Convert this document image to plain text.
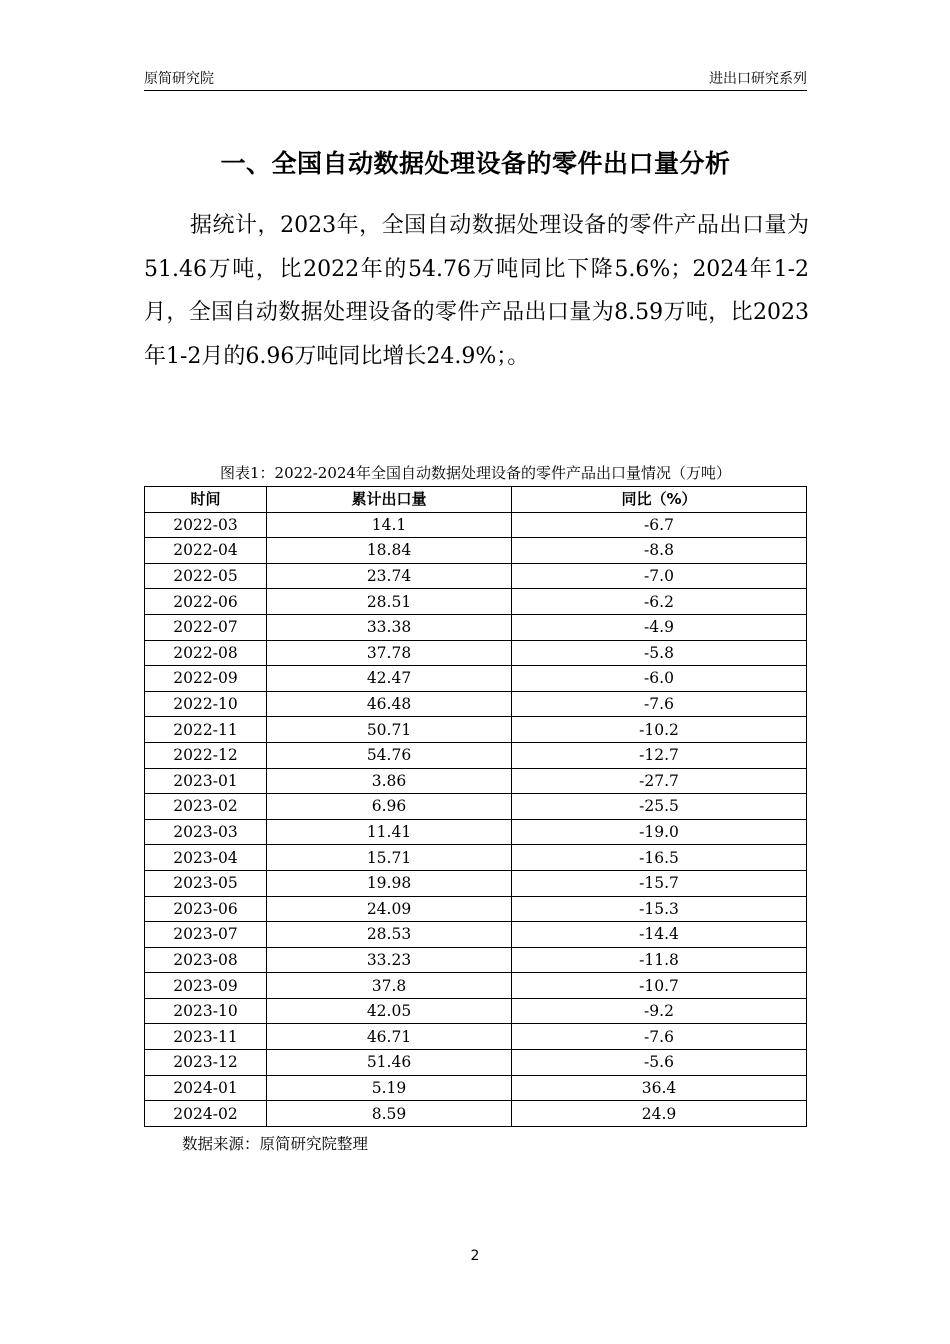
原简研究院	进出口研究系列
一、全国自动数据处理设备的零件出口量分析
据统计，2023年，全国自动数据处理设备的零件产品出口量为51.46万吨，比2022年的54.76万吨同比下降5.6%；2024年1-2月，全国自动数据处理设备的零件产品出口量为8.59万吨，比2023年1-2月的6.96万吨同比增长24.9%；。
图表1：2022-2024年全国自动数据处理设备的零件产品出口量情况（万吨）
时间	累计出口量	同比（%）
2022-03	14.1	-6.7
2022-04	18.84	-8.8
2022-05	23.74	-7.0
2022-06	28.51	-6.2
2022-07	33.38	-4.9
2022-08	37.78	-5.8
2022-09	42.47	-6.0
2022-10	46.48	-7.6
2022-11	50.71	-10.2
2022-12	54.76	-12.7
2023-01	3.86	-27.7
2023-02	6.96	-25.5
2023-03	11.41	-19.0
2023-04	15.71	-16.5
2023-05	19.98	-15.7
2023-06	24.09	-15.3
2023-07	28.53	-14.4
2023-08	33.23	-11.8
2023-09	37.8	-10.7
2023-10	42.05	-9.2
2023-11	46.71	-7.6
2023-12	51.46	-5.6
2024-01	5.19	36.4
2024-02	8.59	24.9
数据来源：原简研究院整理
2
